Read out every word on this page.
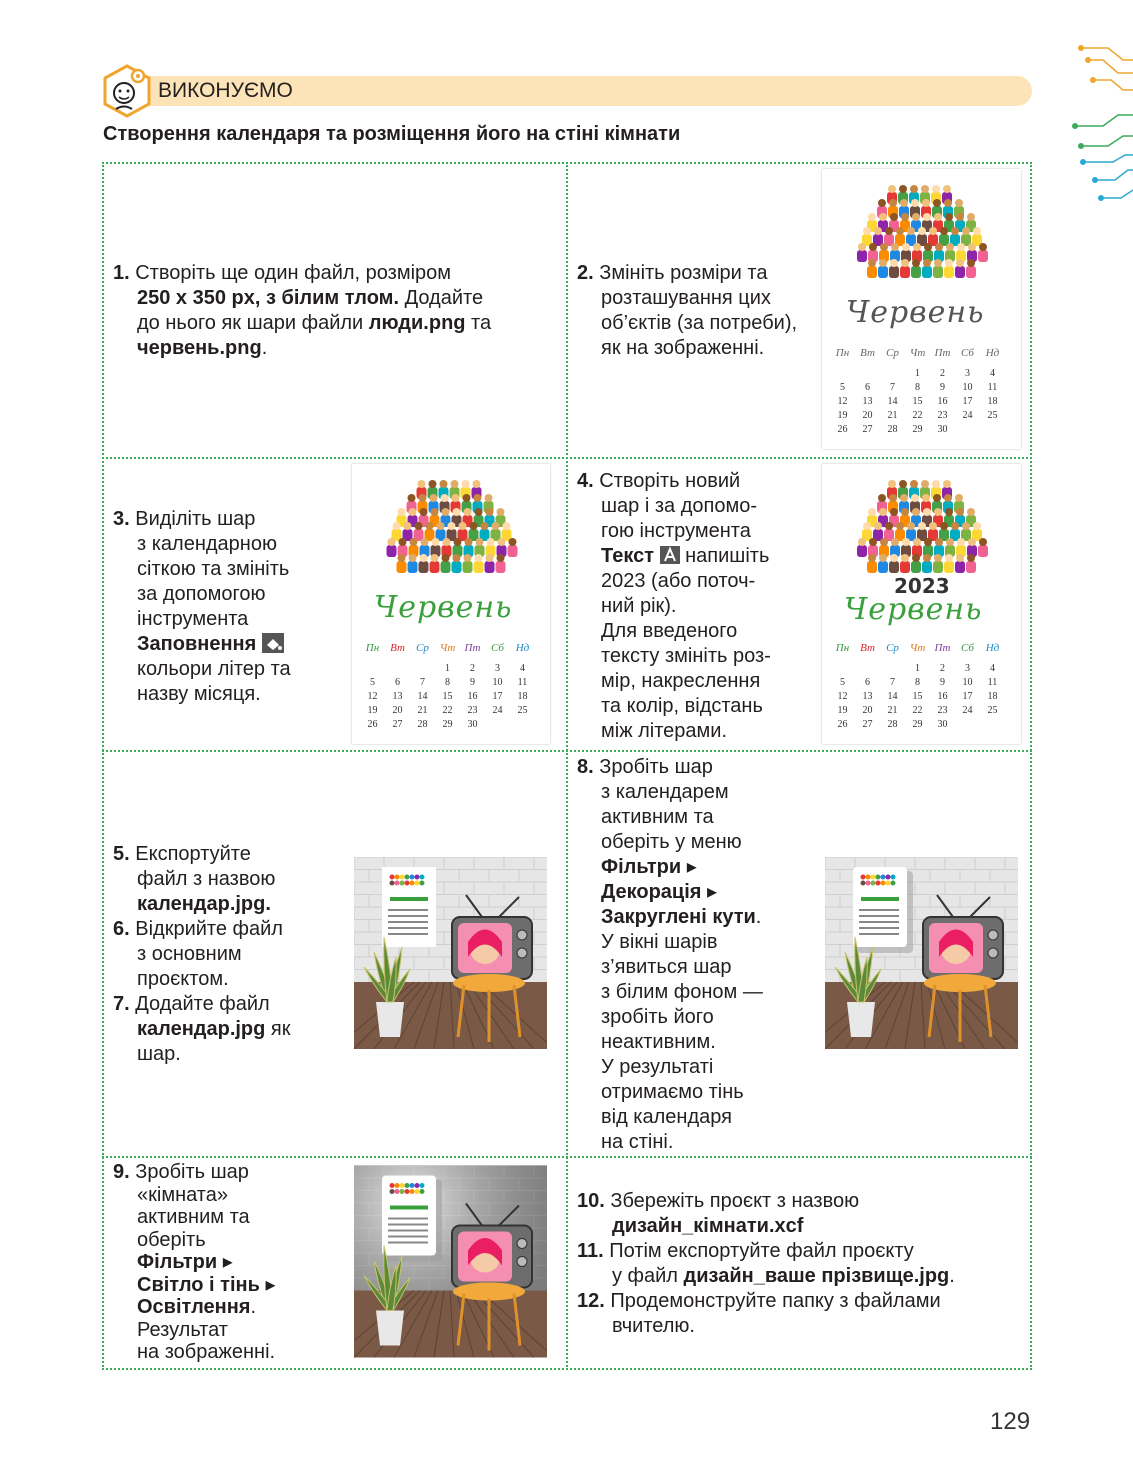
ВИКОНУЄМО
Створення календаря та розміщення його на стіні кімнати

1. Створіть ще один файл, розміром

250 х 350 px, з білим тлом. Додайте

до нього як шари файли люди.png та

червень.png.

2. Змініть розміри та

розташування цих

об’єктів (за потреби),

як на зображенні.

Червень
Пн	Вт	Ср	Чт	Пт	Сб	Нд
			1	2	3	4
5	6	7	8	9	10	11
12	13	14	15	16	17	18
19	20	21	22	23	24	25
26	27	28	29	30		

3. Виділіть шар

з календарною

сіткою та змініть

за допомогою

інструмента

Заповнення

кольори літер та

назву місяця.

Червень
Пн	Вт	Ср	Чт	Пт	Сб	Нд
			1	2	3	4
5	6	7	8	9	10	11
12	13	14	15	16	17	18
19	20	21	22	23	24	25
26	27	28	29	30		

4. Створіть новий

шар і за допомо-

гою інструмента

Текст  напишіть

2023 (або поточ-

ний рік).

Для введеного

тексту змініть роз-

мір, накреслення

та колір, відстань

між літерами.

2023
Червень
Пн	Вт	Ср	Чт	Пт	Сб	Нд
			1	2	3	4
5	6	7	8	9	10	11
12	13	14	15	16	17	18
19	20	21	22	23	24	25
26	27	28	29	30		

5. Експортуйте

файл з назвою

календар.jpg.

6. Відкрийте файл

з основним

проєктом.

7. Додайте файл

календар.jpg як

шар.

8. Зробіть шар

з календарем

активним та

оберіть у меню

Фільтри ▸

Декорація ▸

Закруглені кути.

У вікні шарів

з’явиться шар

з білим фоном —

зробіть його

неактивним.

У результаті

отримаємо тінь

від календаря

на стіні.

9. Зробіть шар

«кімната»

активним та

оберіть

Фільтри ▸

Світло і тінь ▸

Освітлення.

Результат

на зображенні.

10. Збережіть проєкт з назвою

дизайн_кімнати.xcf

11. Потім експортуйте файл проєкту

у файл дизайн_ваше прізвище.jpg.

12. Продемонструйте папку з файлами

вчителю.

129
